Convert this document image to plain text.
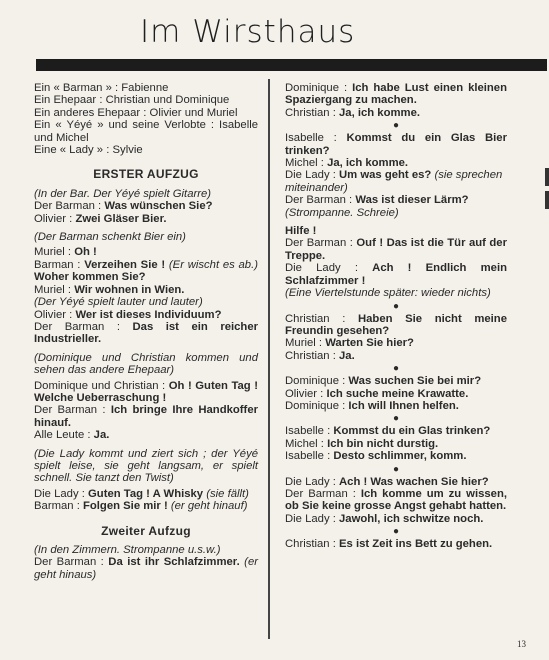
Im Wirsthaus
Ein « Barman » : Fabienne
Ein Ehepaar : Christian und Dominique
Ein anderes Ehepaar : Olivier und Muriel
Ein « Yéyé » und seine Verlobte : Isabelle und Michel
Eine « Lady » : Sylvie
ERSTER AUFZUG
(In der Bar. Der Yéyé spielt Gitarre)
Der Barman : Was wünschen Sie?
Olivier : Zwei Gläser Bier.
(Der Barman schenkt Bier ein)
Muriel : Oh !
Barman : Verzeihen Sie ! (Er wischt es ab.) Woher kommen Sie?
Muriel : Wir wohnen in Wien.
(Der Yéyé spielt lauter und lauter)
Olivier : Wer ist dieses Individuum?
Der Barman : Das ist ein reicher Industrieller.
(Dominique und Christian kommen und sehen das andere Ehepaar)
Dominique und Christian : Oh ! Guten Tag ! Welche Ueberraschung !
Der Barman : Ich bringe Ihre Handkoffer hinauf.
Alle Leute : Ja.
(Die Lady kommt und ziert sich ; der Yéyé spielt leise, sie geht langsam, er spielt schnell. Sie tanzt den Twist)
Die Lady : Guten Tag ! A Whisky (sie fällt)
Barman : Folgen Sie mir ! (er geht hinauf)
Zweiter Aufzug
(In den Zimmern. Strompanne u.s.w.)
Der Barman : Da ist ihr Schlafzimmer. (er geht hinaus)
Dominique : Ich habe Lust einen kleinen Spaziergang zu machen.
Christian : Ja, ich komme.
●
Isabelle : Kommst du ein Glas Bier trinken?
Michel : Ja, ich komme.
Die Lady : Um was geht es? (sie sprechen miteinander)
Der Barman : Was ist dieser Lärm?
(Strompanne. Schreie)
Hilfe !
Der Barman : Ouf ! Das ist die Tür auf der Treppe.
Die Lady : Ach ! Endlich mein Schlafzimmer !
(Eine Viertelstunde später: wieder nichts)
●
Christian : Haben Sie nicht meine Freundin gesehen?
Muriel : Warten Sie hier?
Christian : Ja.
●
Dominique : Was suchen Sie bei mir?
Olivier : Ich suche meine Krawatte.
Dominique : Ich will Ihnen helfen.
●
Isabelle : Kommst du ein Glas trinken?
Michel : Ich bin nicht durstig.
Isabelle : Desto schlimmer, komm.
●
Die Lady : Ach ! Was wachen Sie hier?
Der Barman : Ich komme um zu wissen, ob Sie keine grosse Angst gehabt hatten.
Die Lady : Jawohl, ich schwitze noch.
●
Christian : Es ist Zeit ins Bett zu gehen.
13
